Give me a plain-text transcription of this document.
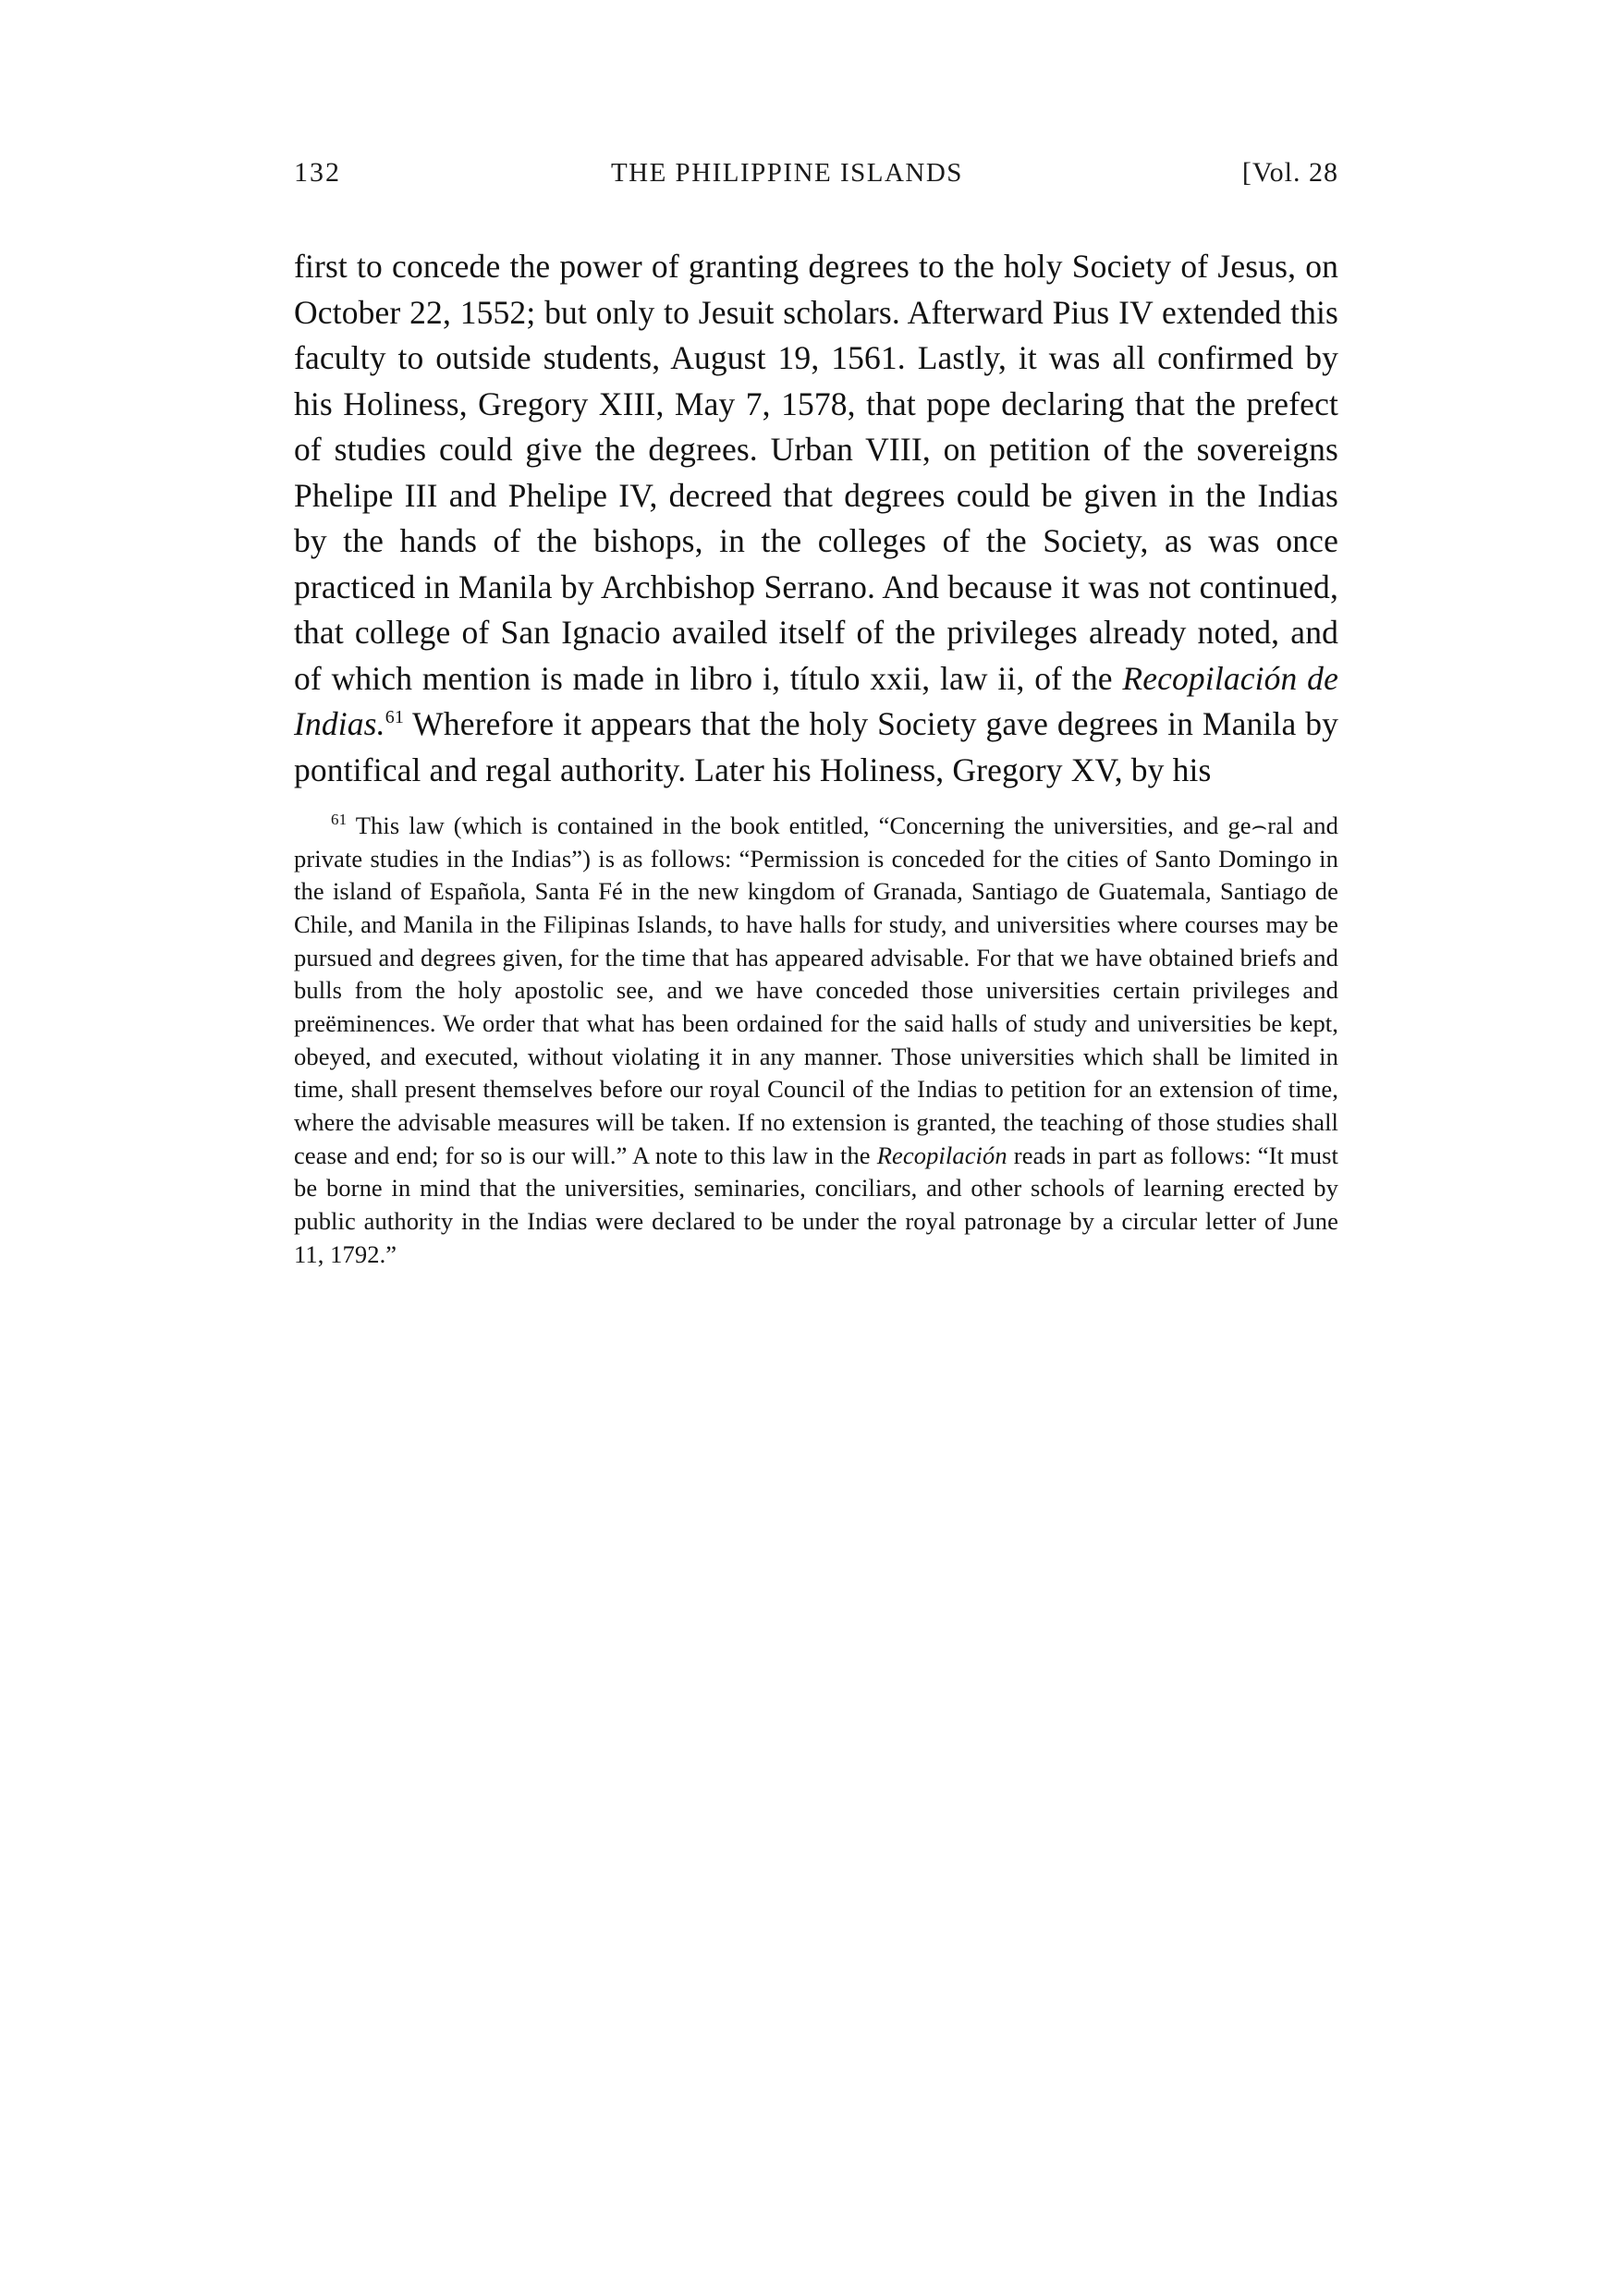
132	THE PHILIPPINE ISLANDS	[Vol. 28
first to concede the power of granting degrees to the holy Society of Jesus, on October 22, 1552; but only to Jesuit scholars. Afterward Pius IV extended this faculty to outside students, August 19, 1561. Lastly, it was all confirmed by his Holiness, Gregory XIII, May 7, 1578, that pope declaring that the prefect of studies could give the degrees. Urban VIII, on petition of the sovereigns Phelipe III and Phelipe IV, decreed that degrees could be given in the Indias by the hands of the bishops, in the colleges of the Society, as was once practiced in Manila by Archbishop Serrano. And because it was not continued, that college of San Ignacio availed itself of the privileges already noted, and of which mention is made in libro i, título xxii, law ii, of the Recopilación de Indias.$^{61}$ Wherefore it appears that the holy Society gave degrees in Manila by pontifical and regal authority. Later his Holiness, Gregory XV, by his
$^{61}$ This law (which is contained in the book entitled, “Concerning the universities, and ge⌢ral and private studies in the Indias”) is as follows: “Permission is conceded for the cities of Santo Domingo in the island of Española, Santa Fé in the new kingdom of Granada, Santiago de Guatemala, Santiago de Chile, and Manila in the Filipinas Islands, to have halls for study, and universities where courses may be pursued and degrees given, for the time that has appeared advisable. For that we have obtained briefs and bulls from the holy apostolic see, and we have conceded those universities certain privileges and preëminences. We order that what has been ordained for the said halls of study and universities be kept, obeyed, and executed, without violating it in any manner. Those universities which shall be limited in time, shall present themselves before our royal Council of the Indias to petition for an extension of time, where the advisable measures will be taken. If no extension is granted, the teaching of those studies shall cease and end; for so is our will.” A note to this law in the Recopilación reads in part as follows: “It must be borne in mind that the universities, seminaries, conciliars, and other schools of learning erected by public authority in the Indias were declared to be under the royal patronage by a circular letter of June 11, 1792.”
